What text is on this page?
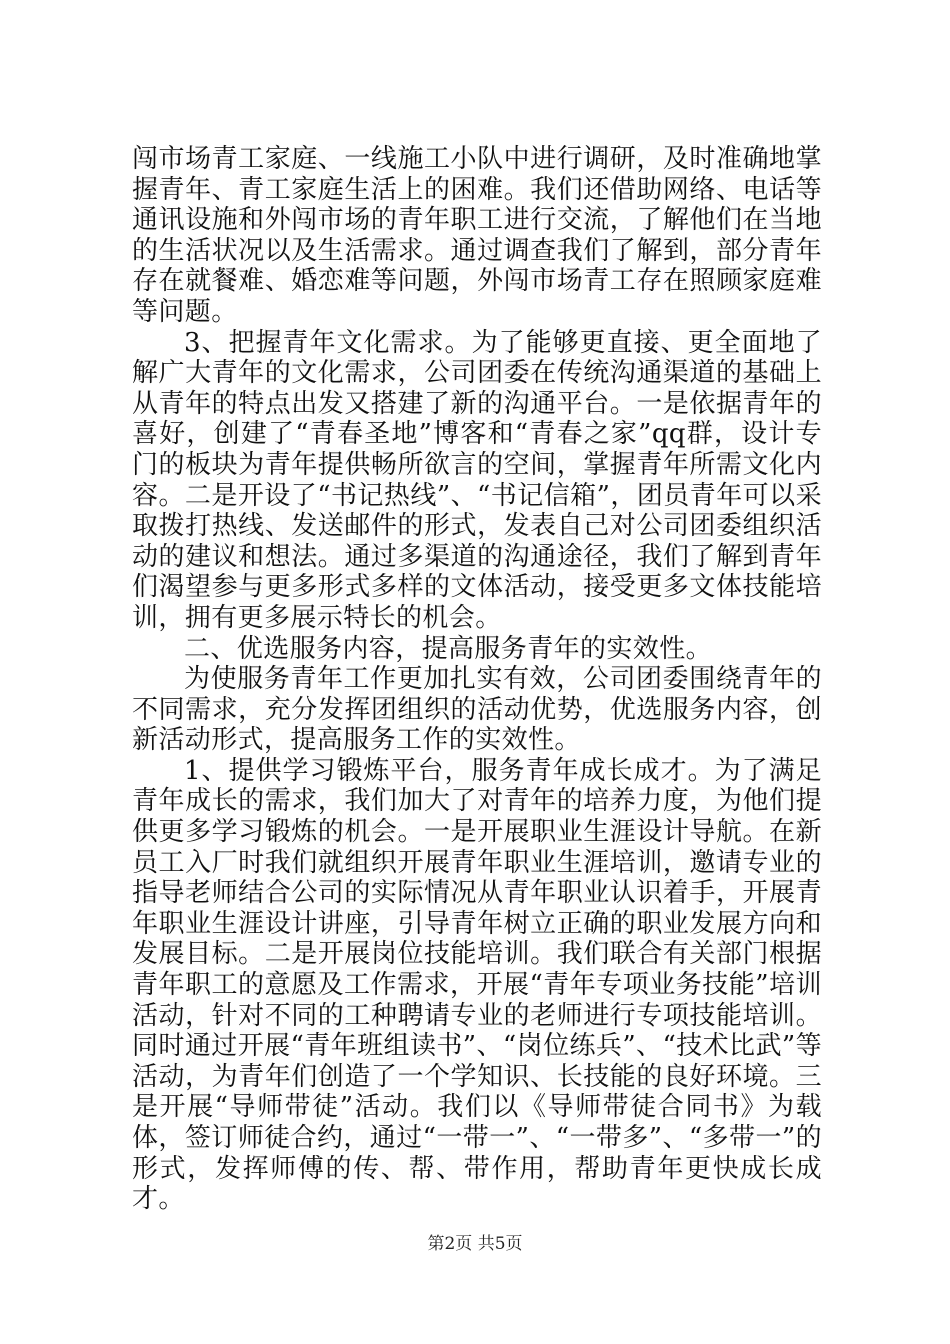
闯市场青工家庭、一线施工小队中进行调研，及时准确地掌握青年、青工家庭生活上的困难。我们还借助网络、电话等通讯设施和外闯市场的青年职工进行交流，了解他们在当地的生活状况以及生活需求。通过调查我们了解到，部分青年存在就餐难、婚恋难等问题，外闯市场青工存在照顾家庭难等问题。

3、把握青年文化需求。为了能够更直接、更全面地了解广大青年的文化需求，公司团委在传统沟通渠道的基础上从青年的特点出发又搭建了新的沟通平台。一是依据青年的喜好，创建了“青春圣地”博客和“青春之家”qq群，设计专门的板块为青年提供畅所欲言的空间，掌握青年所需文化内容。二是开设了“书记热线”、“书记信箱”，团员青年可以采取拨打热线、发送邮件的形式，发表自己对公司团委组织活动的建议和想法。通过多渠道的沟通途径，我们了解到青年们渴望参与更多形式多样的文体活动，接受更多文体技能培训，拥有更多展示特长的机会。

二、优选服务内容，提高服务青年的实效性。

为使服务青年工作更加扎实有效，公司团委围绕青年的不同需求，充分发挥团组织的活动优势，优选服务内容，创新活动形式，提高服务工作的实效性。

1、提供学习锻炼平台，服务青年成长成才。为了满足青年成长的需求，我们加大了对青年的培养力度，为他们提供更多学习锻炼的机会。一是开展职业生涯设计导航。在新员工入厂时我们就组织开展青年职业生涯培训，邀请专业的指导老师结合公司的实际情况从青年职业认识着手，开展青年职业生涯设计讲座，引导青年树立正确的职业发展方向和发展目标。二是开展岗位技能培训。我们联合有关部门根据青年职工的意愿及工作需求，开展“青年专项业务技能”培训活动，针对不同的工种聘请专业的老师进行专项技能培训。同时通过开展“青年班组读书”、“岗位练兵”、“技术比武”等活动，为青年们创造了一个学知识、长技能的良好环境。三是开展“导师带徒”活动。我们以《导师带徒合同书》为载体，签订师徒合约，通过“一带一”、“一带多”、“多带一”的形式，发挥师傅的传、帮、带作用，帮助青年更快成长成才。

第2页 共5页
